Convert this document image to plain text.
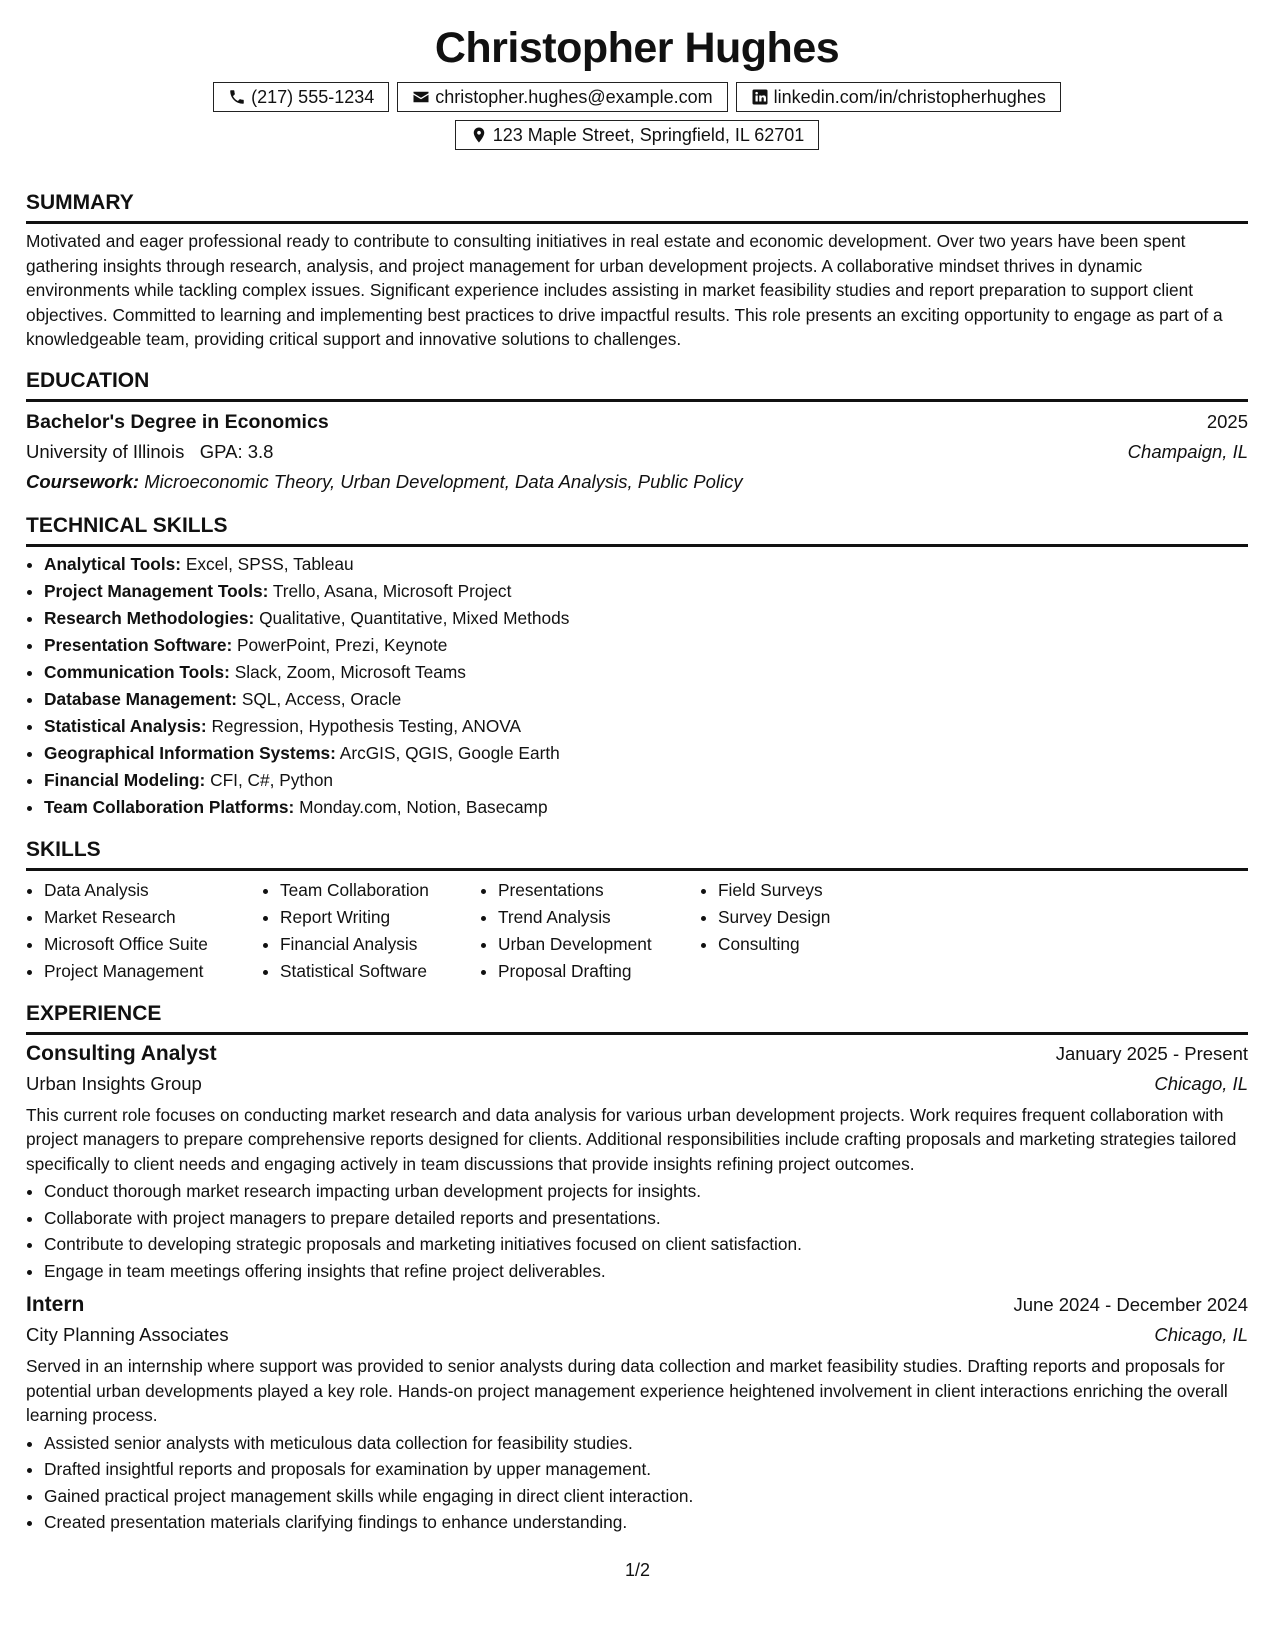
Christopher Hughes
(217) 555-1234	christopher.hughes@example.com	linkedin.com/in/christopherhughes
123 Maple Street, Springfield, IL 62701
SUMMARY
Motivated and eager professional ready to contribute to consulting initiatives in real estate and economic development. Over two years have been spent gathering insights through research, analysis, and project management for urban development projects. A collaborative mindset thrives in dynamic environments while tackling complex issues. Significant experience includes assisting in market feasibility studies and report preparation to support client objectives. Committed to learning and implementing best practices to drive impactful results. This role presents an exciting opportunity to engage as part of a knowledgeable team, providing critical support and innovative solutions to challenges.
EDUCATION
Bachelor's Degree in Economics	2025
University of Illinois GPA: 3.8	Champaign, IL
Coursework: Microeconomic Theory, Urban Development, Data Analysis, Public Policy
TECHNICAL SKILLS
• Analytical Tools: Excel, SPSS, Tableau
• Project Management Tools: Trello, Asana, Microsoft Project
• Research Methodologies: Qualitative, Quantitative, Mixed Methods
• Presentation Software: PowerPoint, Prezi, Keynote
• Communication Tools: Slack, Zoom, Microsoft Teams
• Database Management: SQL, Access, Oracle
• Statistical Analysis: Regression, Hypothesis Testing, ANOVA
• Geographical Information Systems: ArcGIS, QGIS, Google Earth
• Financial Modeling: CFI, C#, Python
• Team Collaboration Platforms: Monday.com, Notion, Basecamp
SKILLS
• Data Analysis
• Market Research
• Microsoft Office Suite
• Project Management
• Team Collaboration
• Report Writing
• Financial Analysis
• Statistical Software
• Presentations
• Trend Analysis
• Urban Development
• Proposal Drafting
• Field Surveys
• Survey Design
• Consulting
EXPERIENCE
Consulting Analyst	January 2025 - Present
Urban Insights Group	Chicago, IL
This current role focuses on conducting market research and data analysis for various urban development projects. Work requires frequent collaboration with project managers to prepare comprehensive reports designed for clients. Additional responsibilities include crafting proposals and marketing strategies tailored specifically to client needs and engaging actively in team discussions that provide insights refining project outcomes.
• Conduct thorough market research impacting urban development projects for insights.
• Collaborate with project managers to prepare detailed reports and presentations.
• Contribute to developing strategic proposals and marketing initiatives focused on client satisfaction.
• Engage in team meetings offering insights that refine project deliverables.
Intern	June 2024 - December 2024
City Planning Associates	Chicago, IL
Served in an internship where support was provided to senior analysts during data collection and market feasibility studies. Drafting reports and proposals for potential urban developments played a key role. Hands-on project management experience heightened involvement in client interactions enriching the overall learning process.
• Assisted senior analysts with meticulous data collection for feasibility studies.
• Drafted insightful reports and proposals for examination by upper management.
• Gained practical project management skills while engaging in direct client interaction.
• Created presentation materials clarifying findings to enhance understanding.
1/2
